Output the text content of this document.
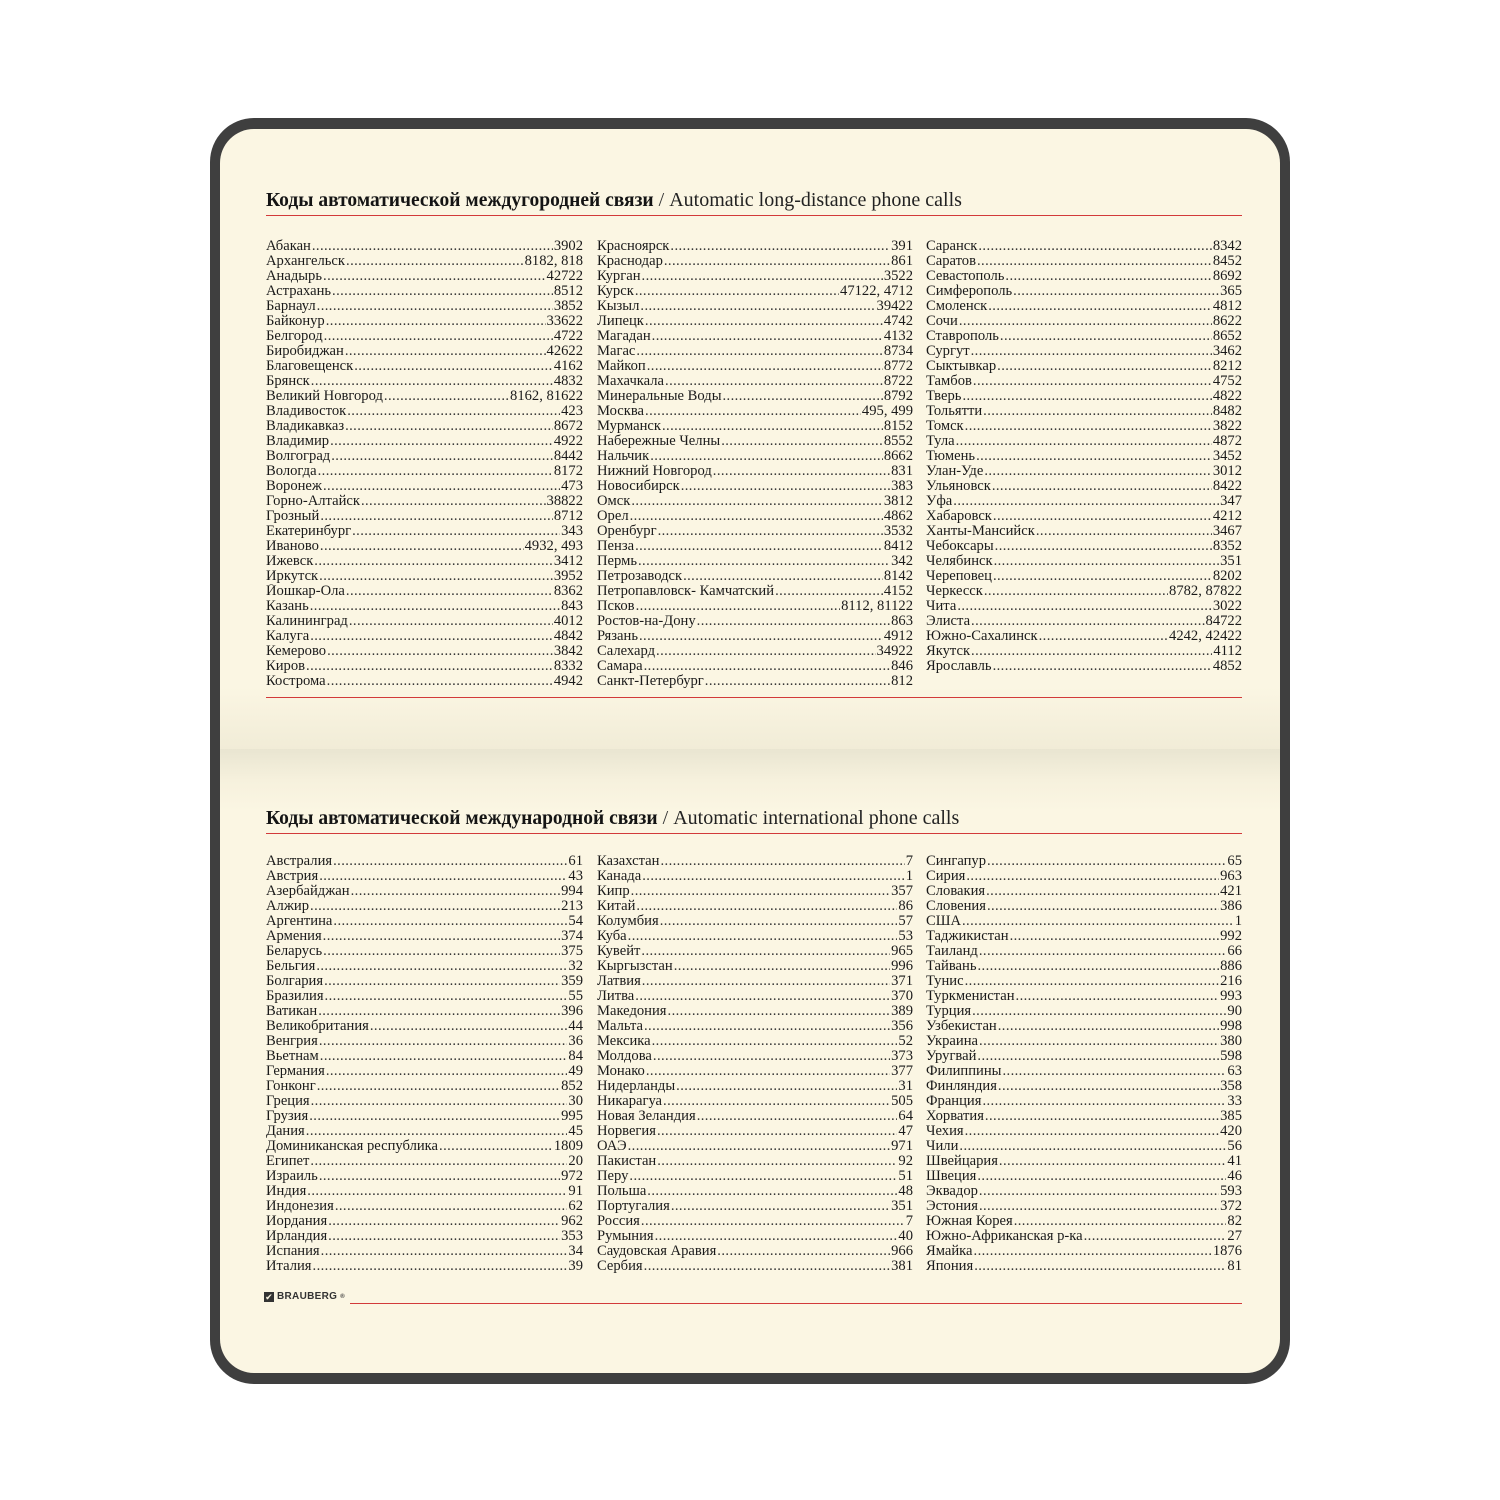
Коды автоматической междугородней связи / Automatic long-distance phone calls
Абакан .....	3902
Архангельск .....	8182, 818
Анадырь .....	42722
Астрахань .....	8512
Барнаул .....	3852
Байконур .....	33622
Белгород .....	4722
Биробиджан .....	42622
Благовещенск .....	4162
Брянск .....	4832
Великий Новгород .....	8162, 81622
Владивосток .....	423
Владикавказ .....	8672
Владимир .....	4922
Волгоград .....	8442
Вологда .....	8172
Воронеж .....	473
Горно-Алтайск .....	38822
Грозный .....	8712
Екатеринбург .....	343
Иваново .....	4932, 493
Ижевск .....	3412
Иркутск .....	3952
Йошкар-Ола .....	8362
Казань .....	843
Калининград .....	4012
Калуга .....	4842
Кемерово .....	3842
Киров .....	8332
Кострома .....	4942
Красноярск .....	391
Краснодар .....	861
Курган .....	3522
Курск .....	47122, 4712
Кызыл .....	39422
Липецк .....	4742
Магадан .....	4132
Магас .....	8734
Майкоп .....	8772
Махачкала .....	8722
Минеральные Воды .....	8792
Москва .....	495, 499
Мурманск .....	8152
Набережные Челны .....	8552
Нальчик .....	8662
Нижний Новгород .....	831
Новосибирск .....	383
Омск .....	3812
Орел .....	4862
Оренбург .....	3532
Пенза .....	8412
Пермь .....	342
Петрозаводск .....	8142
Петропавловск- Камчатский .....	4152
Псков .....	8112, 81122
Ростов-на-Дону .....	863
Рязань .....	4912
Салехард .....	34922
Самара .....	846
Санкт-Петербург .....	812
Саранск .....	8342
Саратов .....	8452
Севастополь .....	8692
Симферополь .....	365
Смоленск .....	4812
Сочи .....	8622
Ставрополь .....	8652
Сургут .....	3462
Сыктывкар .....	8212
Тамбов .....	4752
Тверь .....	4822
Тольятти .....	8482
Томск .....	3822
Тула .....	4872
Тюмень .....	3452
Улан-Уде .....	3012
Ульяновск .....	8422
Уфа .....	347
Хабаровск .....	4212
Ханты-Мансийск .....	3467
Чебоксары .....	8352
Челябинск .....	351
Череповец .....	8202
Черкесск .....	8782, 87822
Чита .....	3022
Элиста .....	84722
Южно-Сахалинск .....	4242, 42422
Якутск .....	4112
Ярославль .....	4852
Коды автоматической международной связи / Automatic international phone calls
Австралия .....	61
Австрия .....	43
Азербайджан .....	994
Алжир .....	213
Аргентина .....	54
Армения .....	374
Беларусь .....	375
Бельгия .....	32
Болгария .....	359
Бразилия .....	55
Ватикан .....	396
Великобритания .....	44
Венгрия .....	36
Вьетнам .....	84
Германия .....	49
Гонконг .....	852
Греция .....	30
Грузия .....	995
Дания .....	45
Доминиканская республика .....	1809
Египет .....	20
Израиль .....	972
Индия .....	91
Индонезия .....	62
Иордания .....	962
Ирландия .....	353
Испания .....	34
Италия .....	39
Казахстан .....	7
Канада .....	1
Кипр .....	357
Китай .....	86
Колумбия .....	57
Куба .....	53
Кувейт .....	965
Кыргызстан .....	996
Латвия .....	371
Литва .....	370
Македония .....	389
Мальта .....	356
Мексика .....	52
Молдова .....	373
Монако .....	377
Нидерланды .....	31
Никарагуа .....	505
Новая Зеландия .....	64
Норвегия .....	47
ОАЭ .....	971
Пакистан .....	92
Перу .....	51
Польша .....	48
Португалия .....	351
Россия .....	7
Румыния .....	40
Саудовская Аравия .....	966
Сербия .....	381
Сингапур .....	65
Сирия .....	963
Словакия .....	421
Словения .....	386
США .....	1
Таджикистан .....	992
Таиланд .....	66
Тайвань .....	886
Тунис .....	216
Туркменистан .....	993
Турция .....	90
Узбекистан .....	998
Украина .....	380
Уругвай .....	598
Филиппины .....	63
Финляндия .....	358
Франция .....	33
Хорватия .....	385
Чехия .....	420
Чили .....	56
Швейцария .....	41
Швеция .....	46
Эквадор .....	593
Эстония .....	372
Южная Корея .....	82
Южно-Африканская р-ка .....	27
Ямайка .....	1876
Япония .....	81
✔ BRAUBERG ®
